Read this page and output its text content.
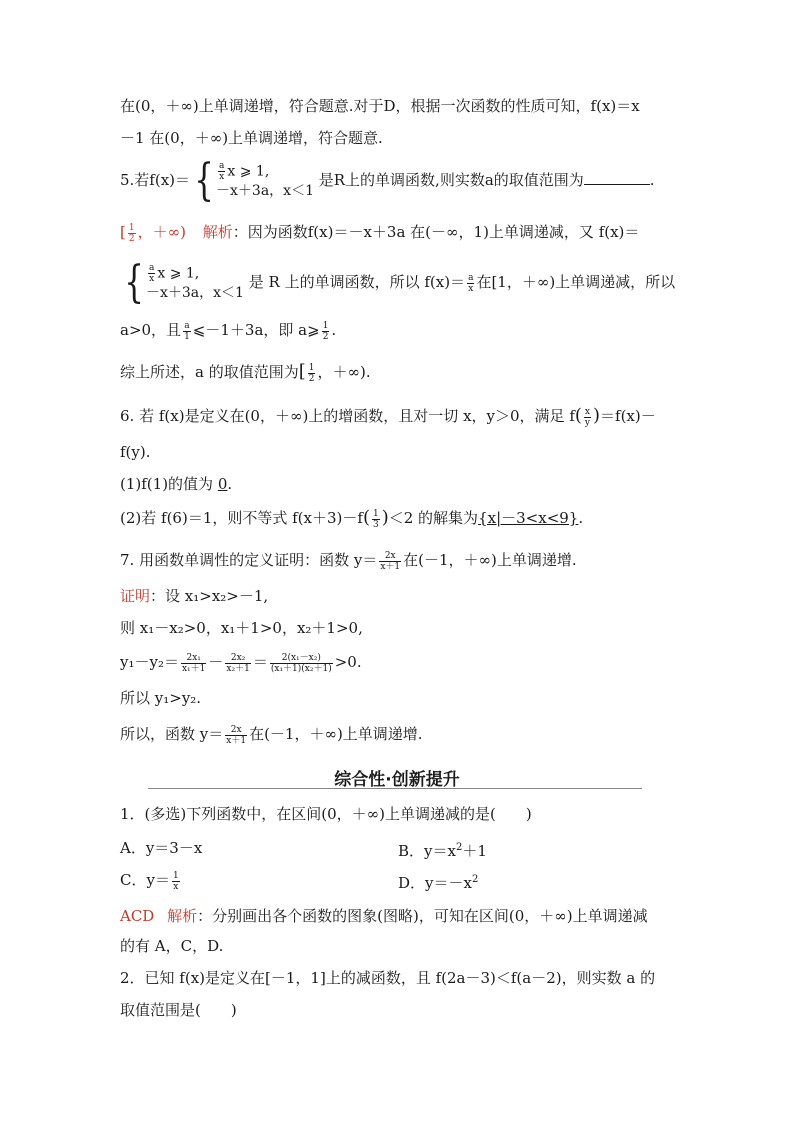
在(0，＋∞)上单调递增，符合题意.对于D，根据一次函数的性质可知，f(x)＝x
－1 在(0，＋∞)上单调递增，符合题意.
5.若$f(x)=\{ \frac{a}{x}$ x ⩾ 1,
－x＋3a，x＜1
是R上的单调函数,则实数a的取值范围为	.
[ $\frac{1}{2}$ ，＋∞) 解析：因为函数f(x)＝－x＋3a 在(－∞，1)上单调递减，又 f(x)＝
{ $\frac{a}{x}$ x ⩾ 1,
－x＋3a，x＜1
是 R 上的单调函数，所以 $f(x)= \frac{a}{x}$ 在[1，＋∞)上单调递减，所以
a>0，且 $\frac{a}{1}$ ⩽－1＋3a，即 a⩾ $\frac{1}{2}$ .
综上所述，a 的取值范围为[ $\frac{1}{2}$ ，＋∞).
6. 若 f(x)是定义在(0，＋∞)上的增函数，且对一切 x，y＞0，满足 $f( \frac{x}{y} )=f(x)-$
f(y).
(1)f(1)的值为 0.
(2)若 f(6)＝1，则不等式 $f(x+3)-f( \frac{1}{3} )<2$ 的解集为{x|－3<x<9}.
7. 用函数单调性的定义证明：函数 $y= \frac{2x}{x+1}$ 在(－1，＋∞)上单调递增.
证明：设 x₁>x₂>－1,
则 x₁－x₂>0，x₁＋1>0，x₂＋1>0,
$y_1-y_2= \frac{\text{2x₁}}{\text{x₁＋1}} - \frac{\text{2x₂}}{\text{x₂＋1}} = \frac{\text{2(x₁－x₂)}}{\text{(x₁＋1)(x₂＋1)}} >0$.
所以 y₁>y₂.
所以，函数 $y= \frac{2x}{x+1}$ 在(－1，＋∞)上单调递增.
综合性·创新提升
1．(多选)下列函数中，在区间(0，＋∞)上单调递减的是(　　)
A．y＝3－x	B．$y=x^2+1$
C．$y= \frac{1}{x}$	D．$y=-x^2$
ACD 解析：分别画出各个函数的图象(图略)，可知在区间(0，＋∞)上单调递减
的有 A，C，D.
2．已知 f(x)是定义在[－1，1]上的减函数，且 f(2a－3)＜f(a－2)，则实数 a 的
取值范围是(　　)
